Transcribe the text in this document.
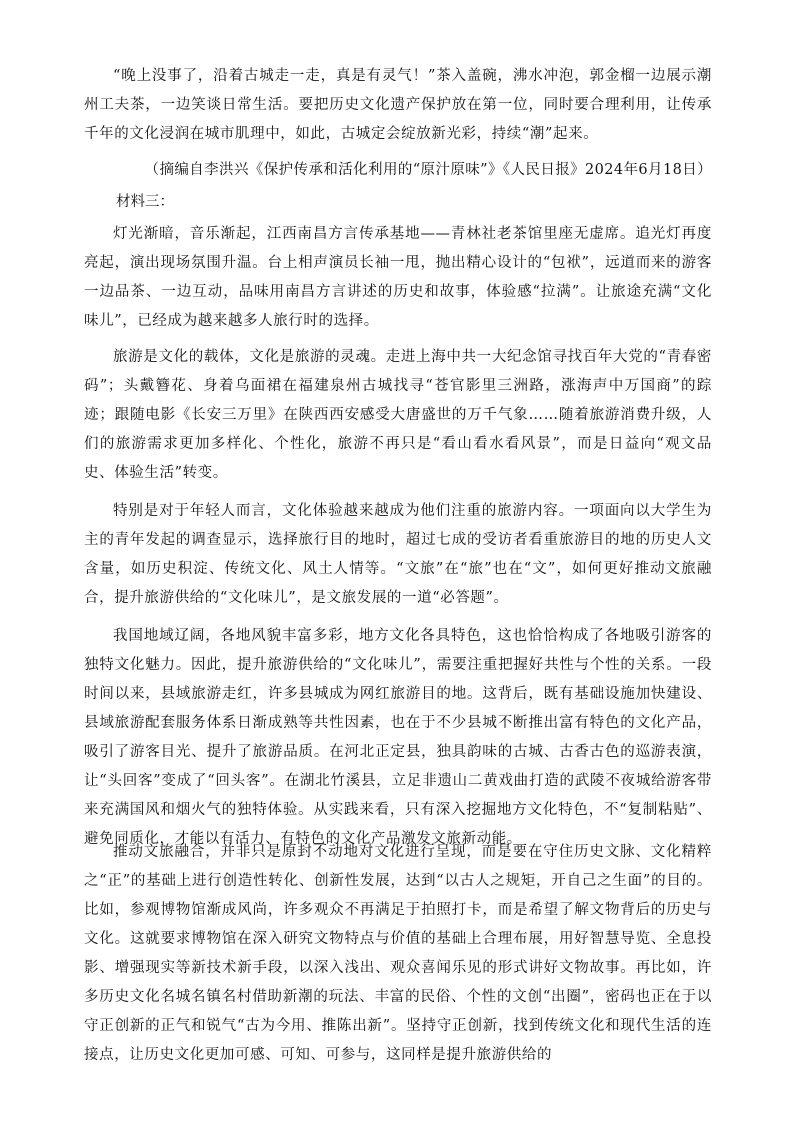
“晚上没事了，沿着古城走一走，真是有灵气！”茶入盖碗，沸水冲泡，郭金榴一边展示潮州工夫茶，一边笑谈日常生活。要把历史文化遗产保护放在第一位，同时要合理利用，让传承千年的文化浸润在城市肌理中，如此，古城定会绽放新光彩，持续“潮”起来。

（摘编自李洪兴《保护传承和活化利用的“原汁原味”》《人民日报》2024年6月18日）

材料三：

灯光渐暗，音乐渐起，江西南昌方言传承基地——青林社老茶馆里座无虚席。追光灯再度亮起，演出现场氛围升温。台上相声演员长袖一甩，抛出精心设计的“包袱”，远道而来的游客一边品茶、一边互动，品味用南昌方言讲述的历史和故事，体验感“拉满”。让旅途充满“文化味儿”，已经成为越来越多人旅行时的选择。

旅游是文化的载体，文化是旅游的灵魂。走进上海中共一大纪念馆寻找百年大党的“青春密码”；头戴簪花、身着乌面裙在福建泉州古城找寻“苍官影里三洲路，涨海声中万国商”的踪迹；跟随电影《长安三万里》在陕西西安感受大唐盛世的万千气象……随着旅游消费升级，人们的旅游需求更加多样化、个性化，旅游不再只是“看山看水看风景”，而是日益向“观文品史、体验生活”转变。

特别是对于年轻人而言，文化体验越来越成为他们注重的旅游内容。一项面向以大学生为主的青年发起的调查显示，选择旅行目的地时，超过七成的受访者看重旅游目的地的历史人文含量，如历史积淀、传统文化、风土人情等。“文旅”在“旅”也在“文”，如何更好推动文旅融合，提升旅游供给的“文化味儿”，是文旅发展的一道“必答题”。

我国地域辽阔，各地风貌丰富多彩，地方文化各具特色，这也恰恰构成了各地吸引游客的独特文化魅力。因此，提升旅游供给的“文化味儿”，需要注重把握好共性与个性的关系。一段时间以来，县域旅游走红，许多县城成为网红旅游目的地。这背后，既有基础设施加快建设、县域旅游配套服务体系日渐成熟等共性因素，也在于不少县城不断推出富有特色的文化产品，吸引了游客目光、提升了旅游品质。在河北正定县，独具韵味的古城、古香古色的巡游表演，让“头回客”变成了“回头客”。在湖北竹溪县，立足非遗山二黄戏曲打造的武陵不夜城给游客带来充满国风和烟火气的独特体验。从实践来看，只有深入挖掘地方文化特色，不“复制粘贴”、避免同质化，才能以有活力、有特色的文化产品激发文旅新动能。

推动文旅融合，并非只是原封不动地对文化进行呈现，而是要在守住历史文脉、文化精粹之“正”的基础上进行创造性转化、创新性发展，达到“以古人之规矩，开自己之生面”的目的。比如，参观博物馆渐成风尚，许多观众不再满足于拍照打卡，而是希望了解文物背后的历史与文化。这就要求博物馆在深入研究文物特点与价值的基础上合理布展，用好智慧导览、全息投影、增强现实等新技术新手段，以深入浅出、观众喜闻乐见的形式讲好文物故事。再比如，许多历史文化名城名镇名村借助新潮的玩法、丰富的民俗、个性的文创“出圈”，密码也正在于以守正创新的正气和锐气“古为今用、推陈出新”。坚持守正创新，找到传统文化和现代生活的连接点，让历史文化更加可感、可知、可参与，这同样是提升旅游供给的
